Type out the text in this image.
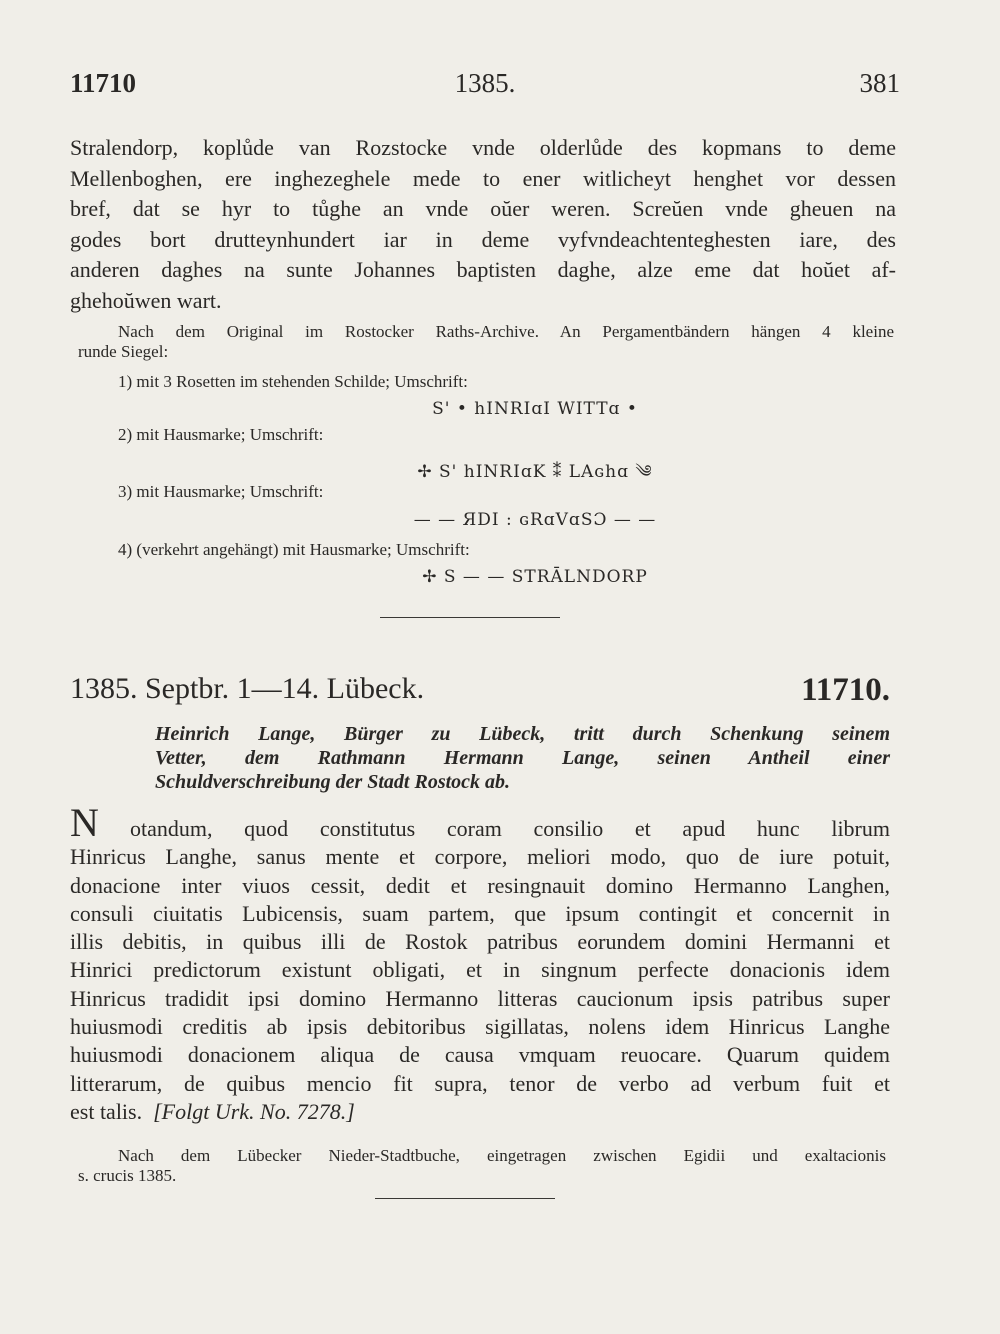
11710	1385.	381
Stralendorp, koplůde van Rozstocke vnde olderlůde des kopmans to deme
Mellenboghen, ere inghezeghele mede to ener witlicheyt henghet vor dessen
bref, dat se hyr to tůghe an vnde oŭer weren. Screŭen vnde gheuen na
godes bort drutteynhundert iar in deme vyfvndeachtenteghesten iare, des
anderen daghes na sunte Johannes baptisten daghe, alze eme dat hoŭet af-
ghehoŭwen wart.
Nach dem Original im Rostocker Raths-Archive. An Pergamentbändern hängen 4 kleine
runde Siegel:
1) mit 3 Rosetten im stehenden Schilde; Umschrift:
S' • hINRIɑI WITTɑ •
2) mit Hausmarke; Umschrift:
✢ S' hINRIɑK ⁑ LAɢhɑ ༄
3) mit Hausmarke; Umschrift:
— — ЯDI : ɢRɑVɑSƆ — —
4) (verkehrt angehängt) mit Hausmarke; Umschrift:
✢ S — — STRᾹLNDORP
1385. Septbr. 1—14. Lübeck.	11710.
Heinrich Lange, Bürger zu Lübeck, tritt durch Schenkung seinem
Vetter, dem Rathmann Hermann Lange, seinen Antheil einer
Schuldverschreibung der Stadt Rostock ab.
N otandum, quod constitutus coram consilio et apud hunc librum
Hinricus Langhe, sanus mente et corpore, meliori modo, quo de iure potuit,
donacione inter viuos cessit, dedit et resingnauit domino Hermanno Langhen,
consuli ciuitatis Lubicensis, suam partem, que ipsum contingit et concernit in
illis debitis, in quibus illi de Rostok patribus eorundem domini Hermanni et
Hinrici predictorum existunt obligati, et in singnum perfecte donacionis idem
Hinricus tradidit ipsi domino Hermanno litteras caucionum ipsis patribus super
huiusmodi creditis ab ipsis debitoribus sigillatas, nolens idem Hinricus Langhe
huiusmodi donacionem aliqua de causa vmquam reuocare. Quarum quidem
litterarum, de quibus mencio fit supra, tenor de verbo ad verbum fuit et
est talis. [Folgt Urk. No. 7278.]
Nach dem Lübecker Nieder-Stadtbuche, eingetragen zwischen Egidii und exaltacionis
s. crucis 1385.
